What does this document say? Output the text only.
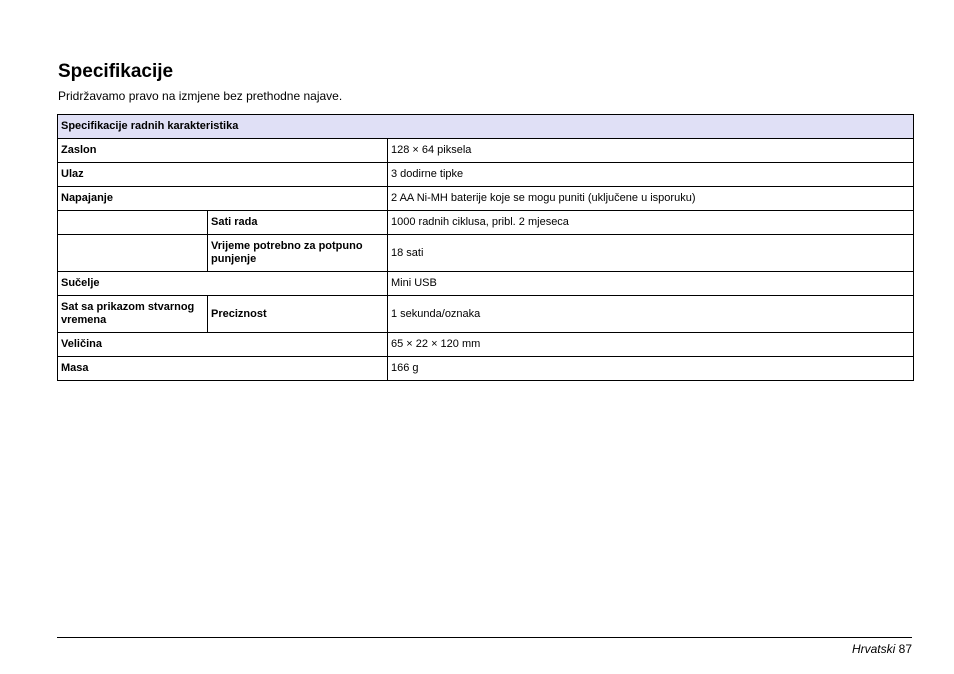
Specifikacije

Pridržavamo pravo na izmjene bez prethodne najave.

Specifikacije radnih karakteristika		
Zaslon		128 × 64 piksela
Ulaz		3 dodirne tipke
Napajanje		2 AA Ni-MH baterije koje se mogu puniti (uključene u isporuku)
	Sati rada	1000 radnih ciklusa, pribl. 2 mjeseca
	Vrijeme potrebno za potpuno punjenje	18 sati
Sučelje		Mini USB
Sat sa prikazom stvarnog vremena	Preciznost	1 sekunda/oznaka
Veličina		65 × 22 × 120 mm
Masa		166 g
Hrvatski 87
